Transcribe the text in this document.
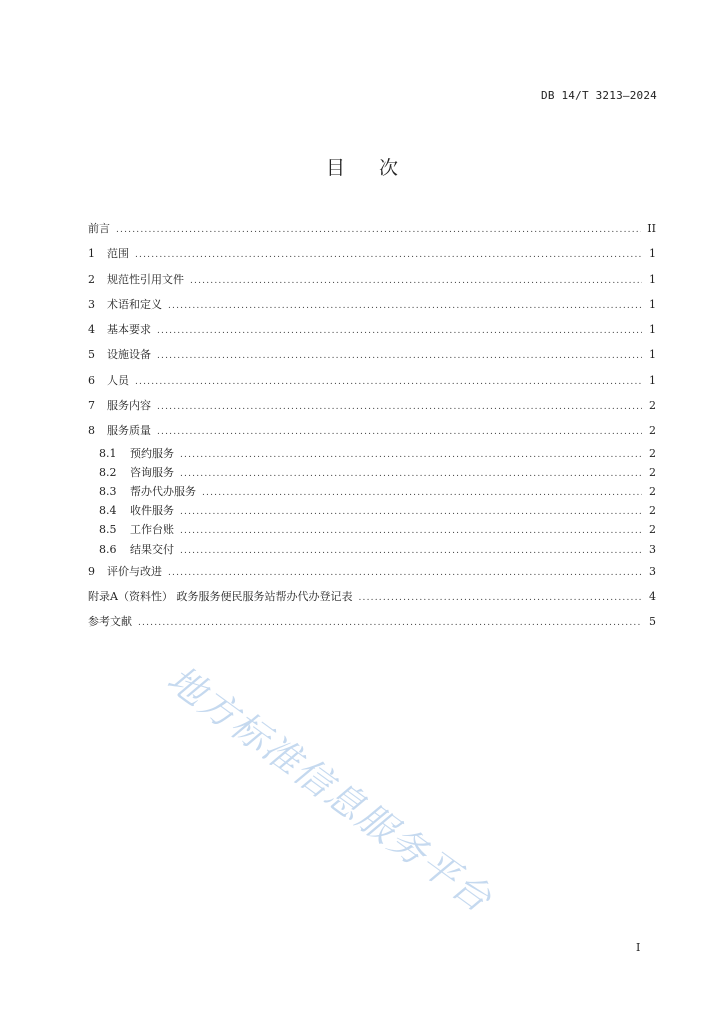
DB 14/T 3213—2024
目 次
前言 .....	II
1	范围 .....	1
2	规范性引用文件 .....	1
3	术语和定义 .....	1
4	基本要求 .....	1
5	设施设备 .....	1
6	人员 .....	1
7	服务内容 .....	2
8	服务质量 .....	2
8.1	预约服务 .....	2
8.2	咨询服务 .....	2
8.3	帮办代办服务 .....	2
8.4	收件服务 .....	2
8.5	工作台账 .....	2
8.6	结果交付 .....	3
9	评价与改进 .....	3
附录A（资料性） 政务服务便民服务站帮办代办登记表 .....	4
参考文献 .....	5
地方标准信息服务平台
I
